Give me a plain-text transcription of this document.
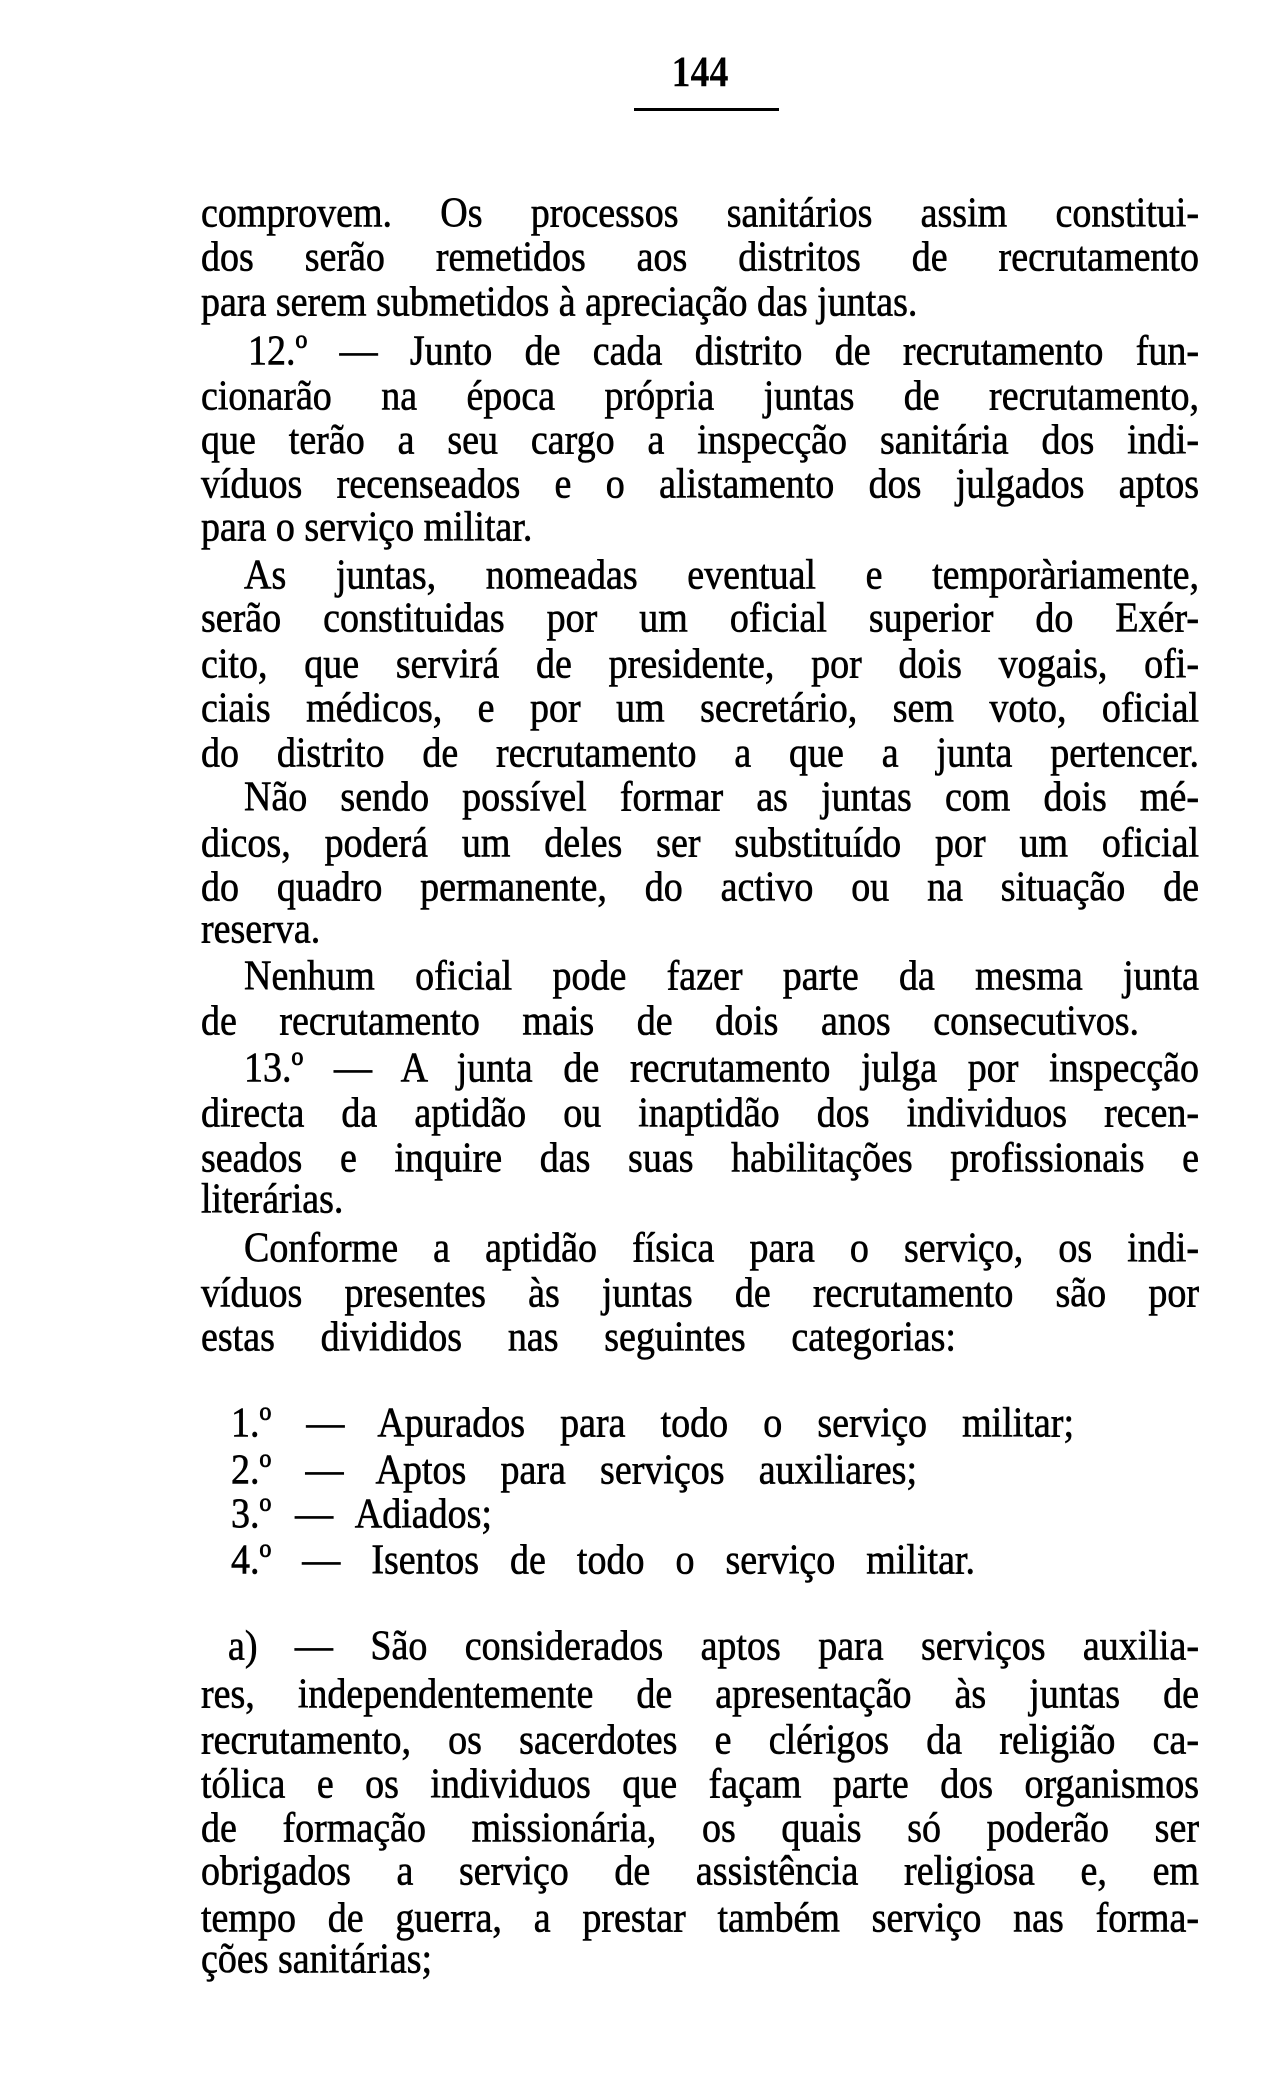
144
comprovem. Os processos sanitários assim constitui-
dos serão remetidos aos distritos de recrutamento
para serem submetidos à apreciação das juntas.
12.º — Junto de cada distrito de recrutamento fun-
cionarão na época própria juntas de recrutamento,
que terão a seu cargo a inspecção sanitária dos indi-
víduos recenseados e o alistamento dos julgados aptos
para o serviço militar.
As juntas, nomeadas eventual e temporàriamente,
serão constituidas por um oficial superior do Exér-
cito, que servirá de presidente, por dois vogais, ofi-
ciais médicos, e por um secretário, sem voto, oficial
do distrito de recrutamento a que a junta pertencer.
Não sendo possível formar as juntas com dois mé-
dicos, poderá um deles ser substituído por um oficial
do quadro permanente, do activo ou na situação de
reserva.
Nenhum oficial pode fazer parte da mesma junta
de recrutamento mais de dois anos consecutivos.
13.º — A junta de recrutamento julga por inspecção
directa da aptidão ou inaptidão dos individuos recen-
seados e inquire das suas habilitações profissionais e
literárias.
Conforme a aptidão física para o serviço, os indi-
víduos presentes às juntas de recrutamento são por
estas divididos nas seguintes categorias:
1.º — Apurados para todo o serviço militar;
2.º — Aptos para serviços auxiliares;
3.º — Adiados;
4.º — Isentos de todo o serviço militar.
a) — São considerados aptos para serviços auxilia-
res, independentemente de apresentação às juntas de
recrutamento, os sacerdotes e clérigos da religião ca-
tólica e os individuos que façam parte dos organismos
de formação missionária, os quais só poderão ser
obrigados a serviço de assistência religiosa e, em
tempo de guerra, a prestar também serviço nas forma-
ções sanitárias;
